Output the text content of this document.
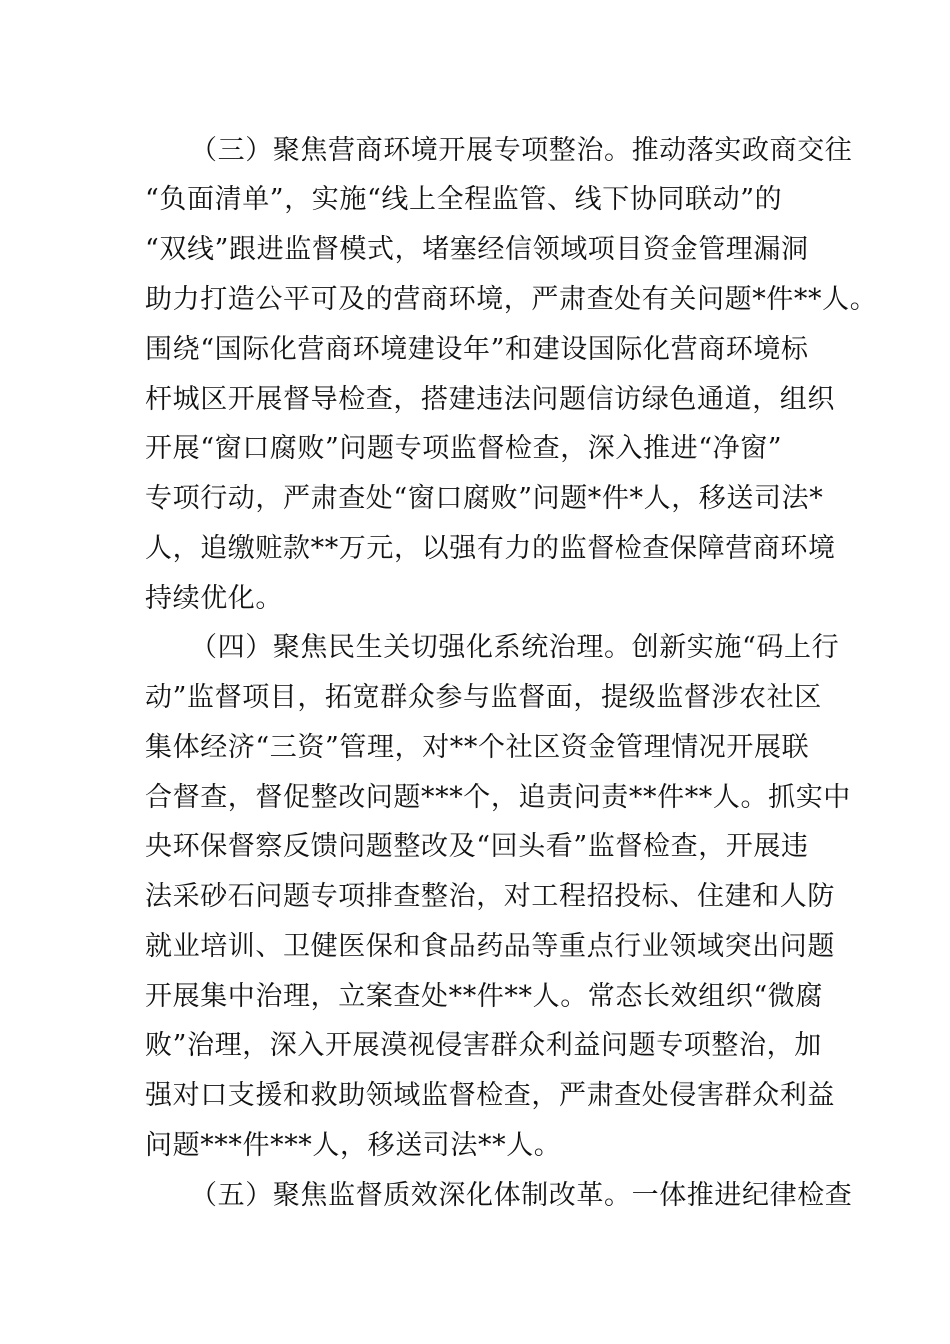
（三）聚焦营商环境开展专项整治。推动落实政商交往
“负面清单”，实施“线上全程监管、线下协同联动”的
“双线”跟进监督模式，堵塞经信领域项目资金管理漏洞
助力打造公平可及的营商环境，严肃查处有关问题*件**人。
围绕“国际化营商环境建设年”和建设国际化营商环境标
杆城区开展督导检查，搭建违法问题信访绿色通道，组织
开展“窗口腐败”问题专项监督检查，深入推进“净窗”
专项行动，严肃查处“窗口腐败”问题*件*人，移送司法*
人，追缴赃款**万元，以强有力的监督检查保障营商环境
持续优化。
（四）聚焦民生关切强化系统治理。创新实施“码上行
动”监督项目，拓宽群众参与监督面，提级监督涉农社区
集体经济“三资”管理，对**个社区资金管理情况开展联
合督查，督促整改问题***个，追责问责**件**人。抓实中
央环保督察反馈问题整改及“回头看”监督检查，开展违
法采砂石问题专项排查整治，对工程招投标、住建和人防
就业培训、卫健医保和食品药品等重点行业领域突出问题
开展集中治理，立案查处**件**人。常态长效组织“微腐
败”治理，深入开展漠视侵害群众利益问题专项整治，加
强对口支援和救助领域监督检查，严肃查处侵害群众利益
问题***件***人，移送司法**人。
（五）聚焦监督质效深化体制改革。一体推进纪律检查
